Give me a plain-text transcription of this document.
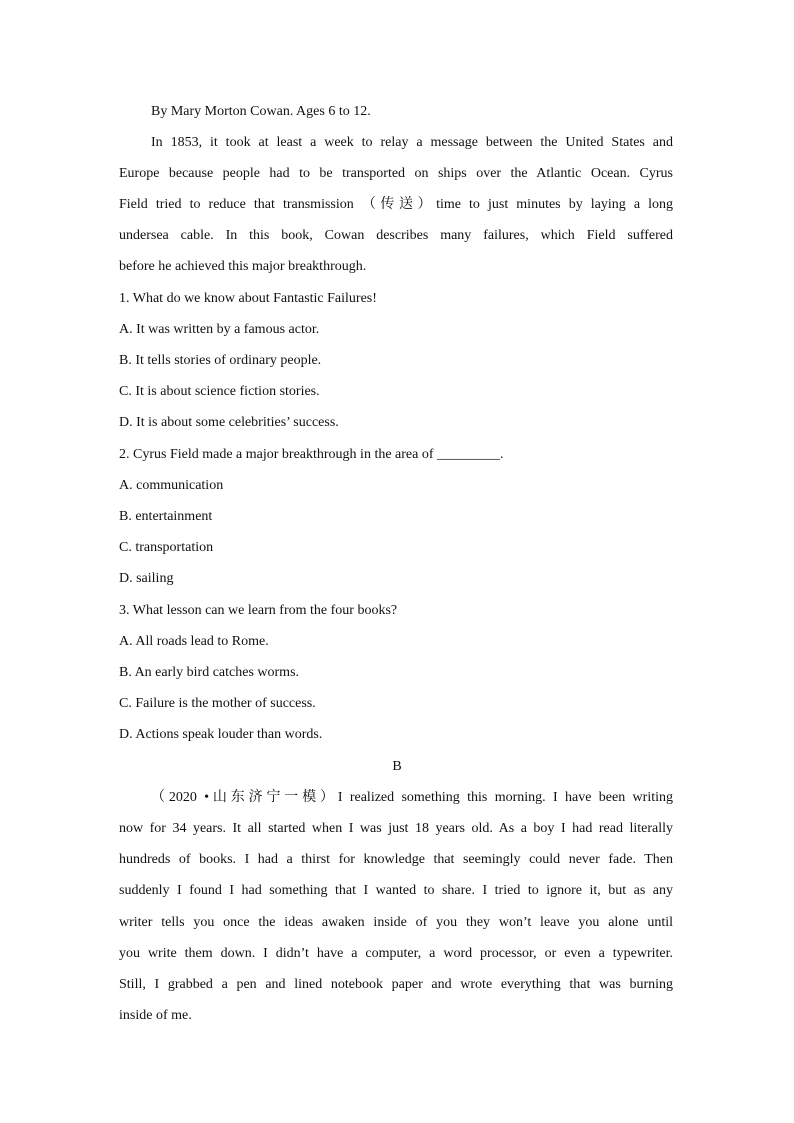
By Mary Morton Cowan. Ages 6 to 12.
In 1853, it took at least a week to relay a message between the United States and
Europe because people had to be transported on ships over the Atlantic Ocean. Cyrus
Field tried to reduce that transmission （传送）time to just minutes by laying a long
undersea cable. In this book, Cowan describes many failures, which Field suffered
before he achieved this major breakthrough.
1. What do we know about Fantastic Failures!
A. It was written by a famous actor.
B. It tells stories of ordinary people.
C. It is about science fiction stories.
D. It is about some celebrities’ success.
2. Cyrus Field made a major breakthrough in the area of _________.
A. communication
B. entertainment
C. transportation
D. sailing
3. What lesson can we learn from the four books?
A. All roads lead to Rome.
B. An early bird catches worms.
C. Failure is the mother of success.
D. Actions speak louder than words.
B
（2020 •山东济宁一模）I realized something this morning. I have been writing
now for 34 years. It all started when I was just 18 years old. As a boy I had read literally
hundreds of books. I had a thirst for knowledge that seemingly could never fade. Then
suddenly I found I had something that I wanted to share. I tried to ignore it, but as any
writer tells you once the ideas awaken inside of you they won’t leave you alone until
you write them down. I didn’t have a computer, a word processor, or even a typewriter.
Still, I grabbed a pen and lined notebook paper and wrote everything that was burning
inside of me.
